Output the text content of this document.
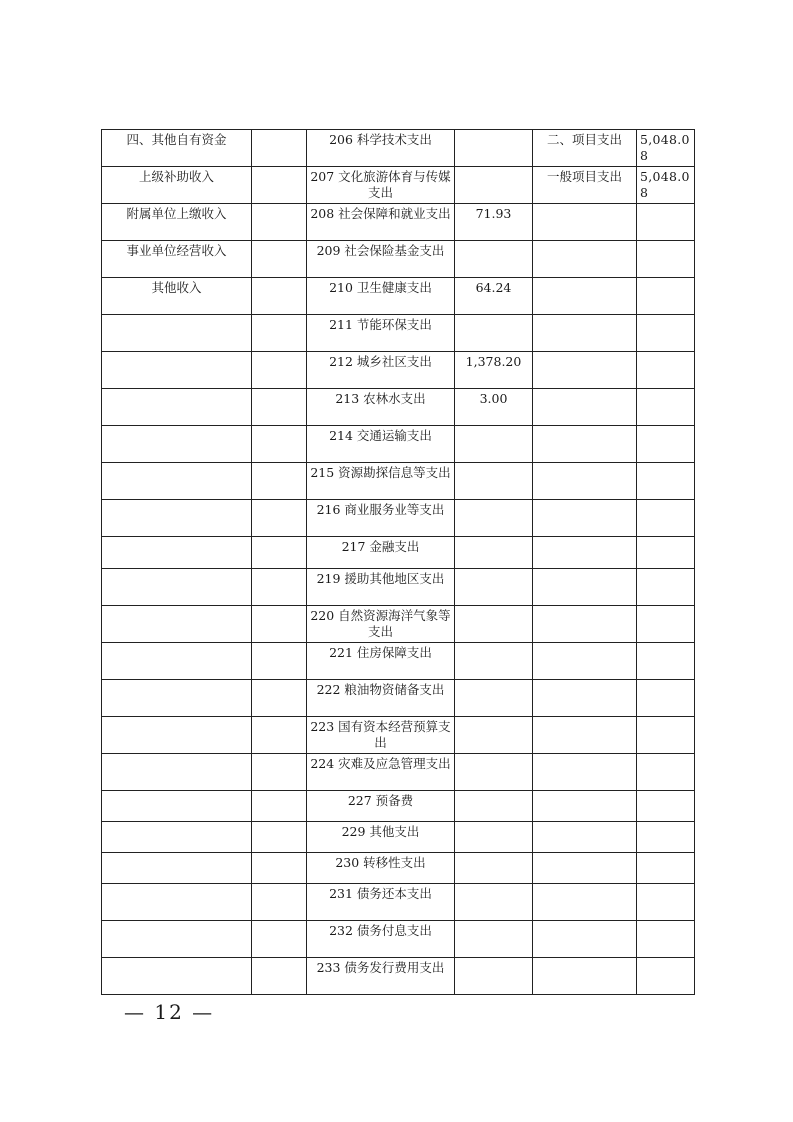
四、其他自有资金		206 科学技术支出		二、项目支出	5,048.08
上级补助收入		207 文化旅游体育与传媒支出		一般项目支出	5,048.08
附属单位上缴收入		208 社会保障和就业支出	71.93		
事业单位经营收入		209 社会保险基金支出			
其他收入		210 卫生健康支出	64.24		
		211 节能环保支出			
		212 城乡社区支出	1,378.20		
		213 农林水支出	3.00		
		214 交通运输支出			
		215 资源勘探信息等支出			
		216 商业服务业等支出			
		217 金融支出			
		219 援助其他地区支出			
		220 自然资源海洋气象等支出			
		221 住房保障支出			
		222 粮油物资储备支出			
		223 国有资本经营预算支出			
		224 灾难及应急管理支出			
		227 预备费			
		229 其他支出			
		230 转移性支出			
		231 债务还本支出			
		232 债务付息支出			
		233 债务发行费用支出			
— 12 —
